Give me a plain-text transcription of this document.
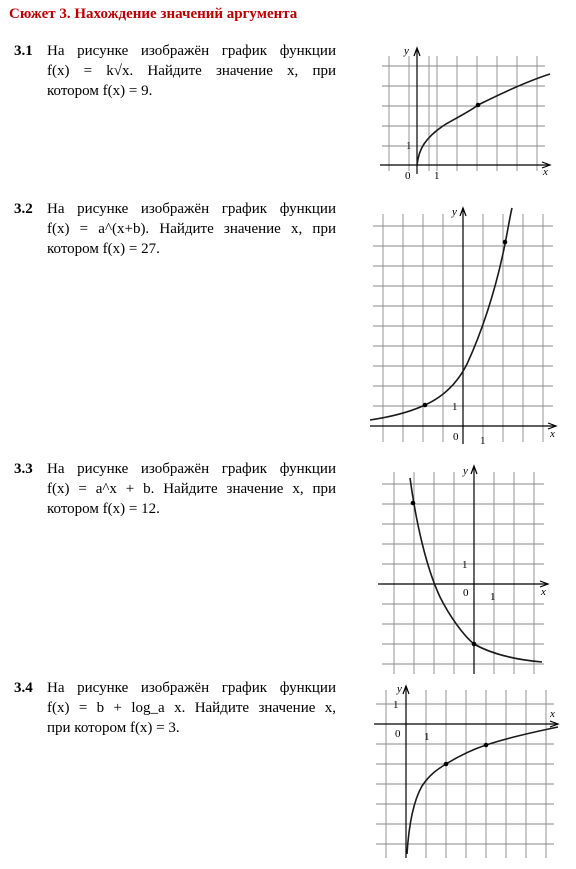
Сюжет 3. Нахождение значений аргумента
3.1 На рисунке изображён график функции
f(x) = k√x. Найдите значение x, при
котором f(x) = 9.
y
x
0 1
1
3.2 На рисунке изображён график функции
f(x) = a^(x+b). Найдите значение x, при
котором f(x) = 27.
y
x
0 1
1
3.3 На рисунке изображён график функции
f(x) = a^x + b. Найдите значение x, при
котором f(x) = 12.
y
x
0 1
1
3.4 На рисунке изображён график функции
f(x) = b + log_a x. Найдите значение x,
при котором f(x) = 3.
y
x
0 1
1
